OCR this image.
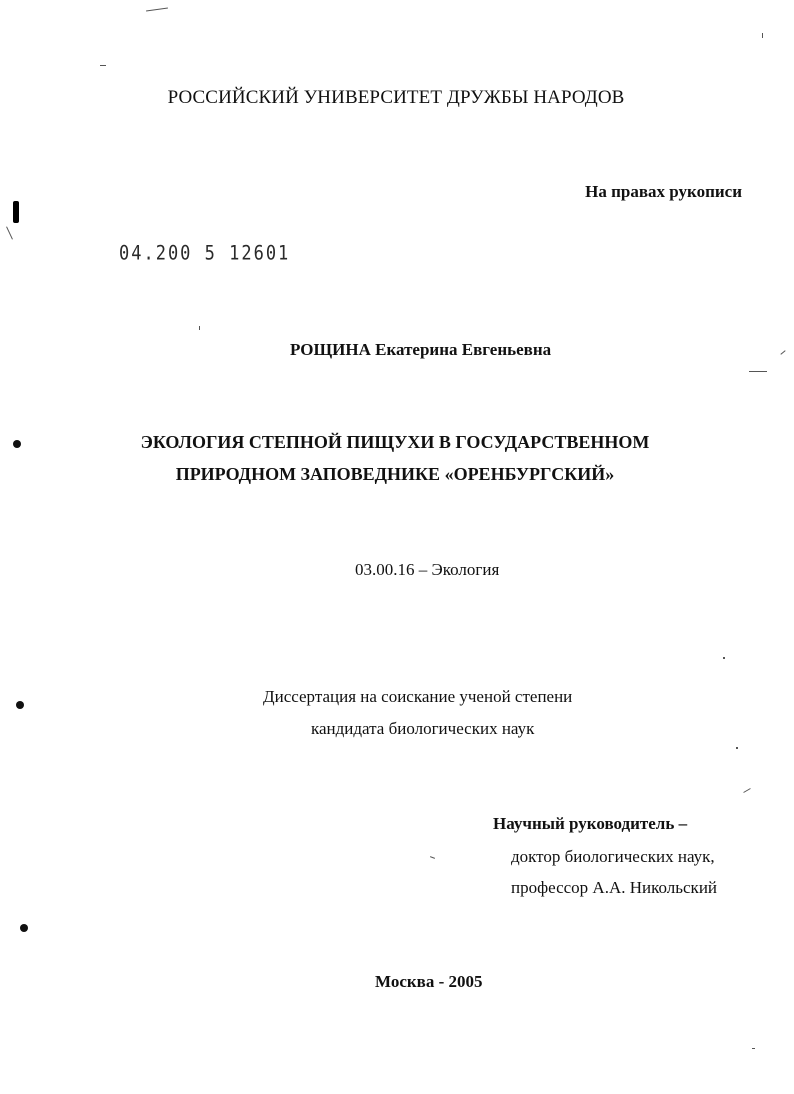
РОССИЙСКИЙ УНИВЕРСИТЕТ ДРУЖБЫ НАРОДОВ
На правах рукописи
04.200 5 12601
РОЩИНА Екатерина Евгеньевна
ЭКОЛОГИЯ СТЕПНОЙ ПИЩУХИ В ГОСУДАРСТВЕННОМ
ПРИРОДНОМ ЗАПОВЕДНИКЕ «ОРЕНБУРГСКИЙ»
03.00.16 – Экология
Диссертация на соискание ученой степени
кандидата биологических наук
Научный руководитель –
доктор биологических наук,
профессор А.А. Никольский
Москва - 2005
